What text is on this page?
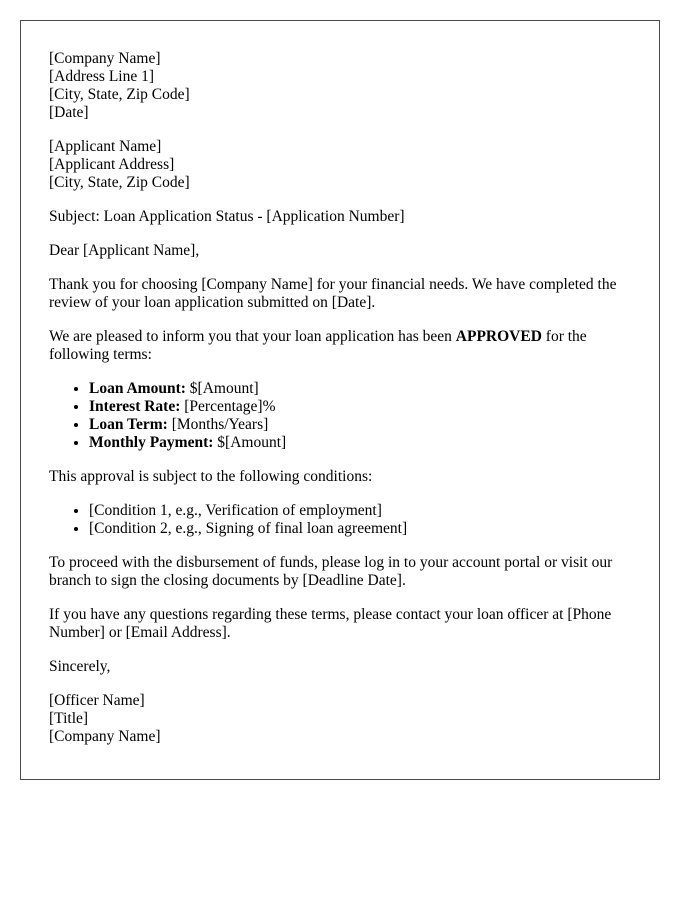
[Company Name]

[Address Line 1]

[City, State, Zip Code]

[Date]

[Applicant Name]

[Applicant Address]

[City, State, Zip Code]

Subject: Loan Application Status - [Application Number]

Dear [Applicant Name],

Thank you for choosing [Company Name] for your financial needs. We have completed the review of your loan application submitted on [Date].

We are pleased to inform you that your loan application has been APPROVED for the following terms:

• Loan Amount: $[Amount]
• Interest Rate: [Percentage]%
• Loan Term: [Months/Years]
• Monthly Payment: $[Amount]

This approval is subject to the following conditions:

• [Condition 1, e.g., Verification of employment]
• [Condition 2, e.g., Signing of final loan agreement]

To proceed with the disbursement of funds, please log in to your account portal or visit our branch to sign the closing documents by [Deadline Date].

If you have any questions regarding these terms, please contact your loan officer at [Phone Number] or [Email Address].

Sincerely,

[Officer Name]

[Title]

[Company Name]
